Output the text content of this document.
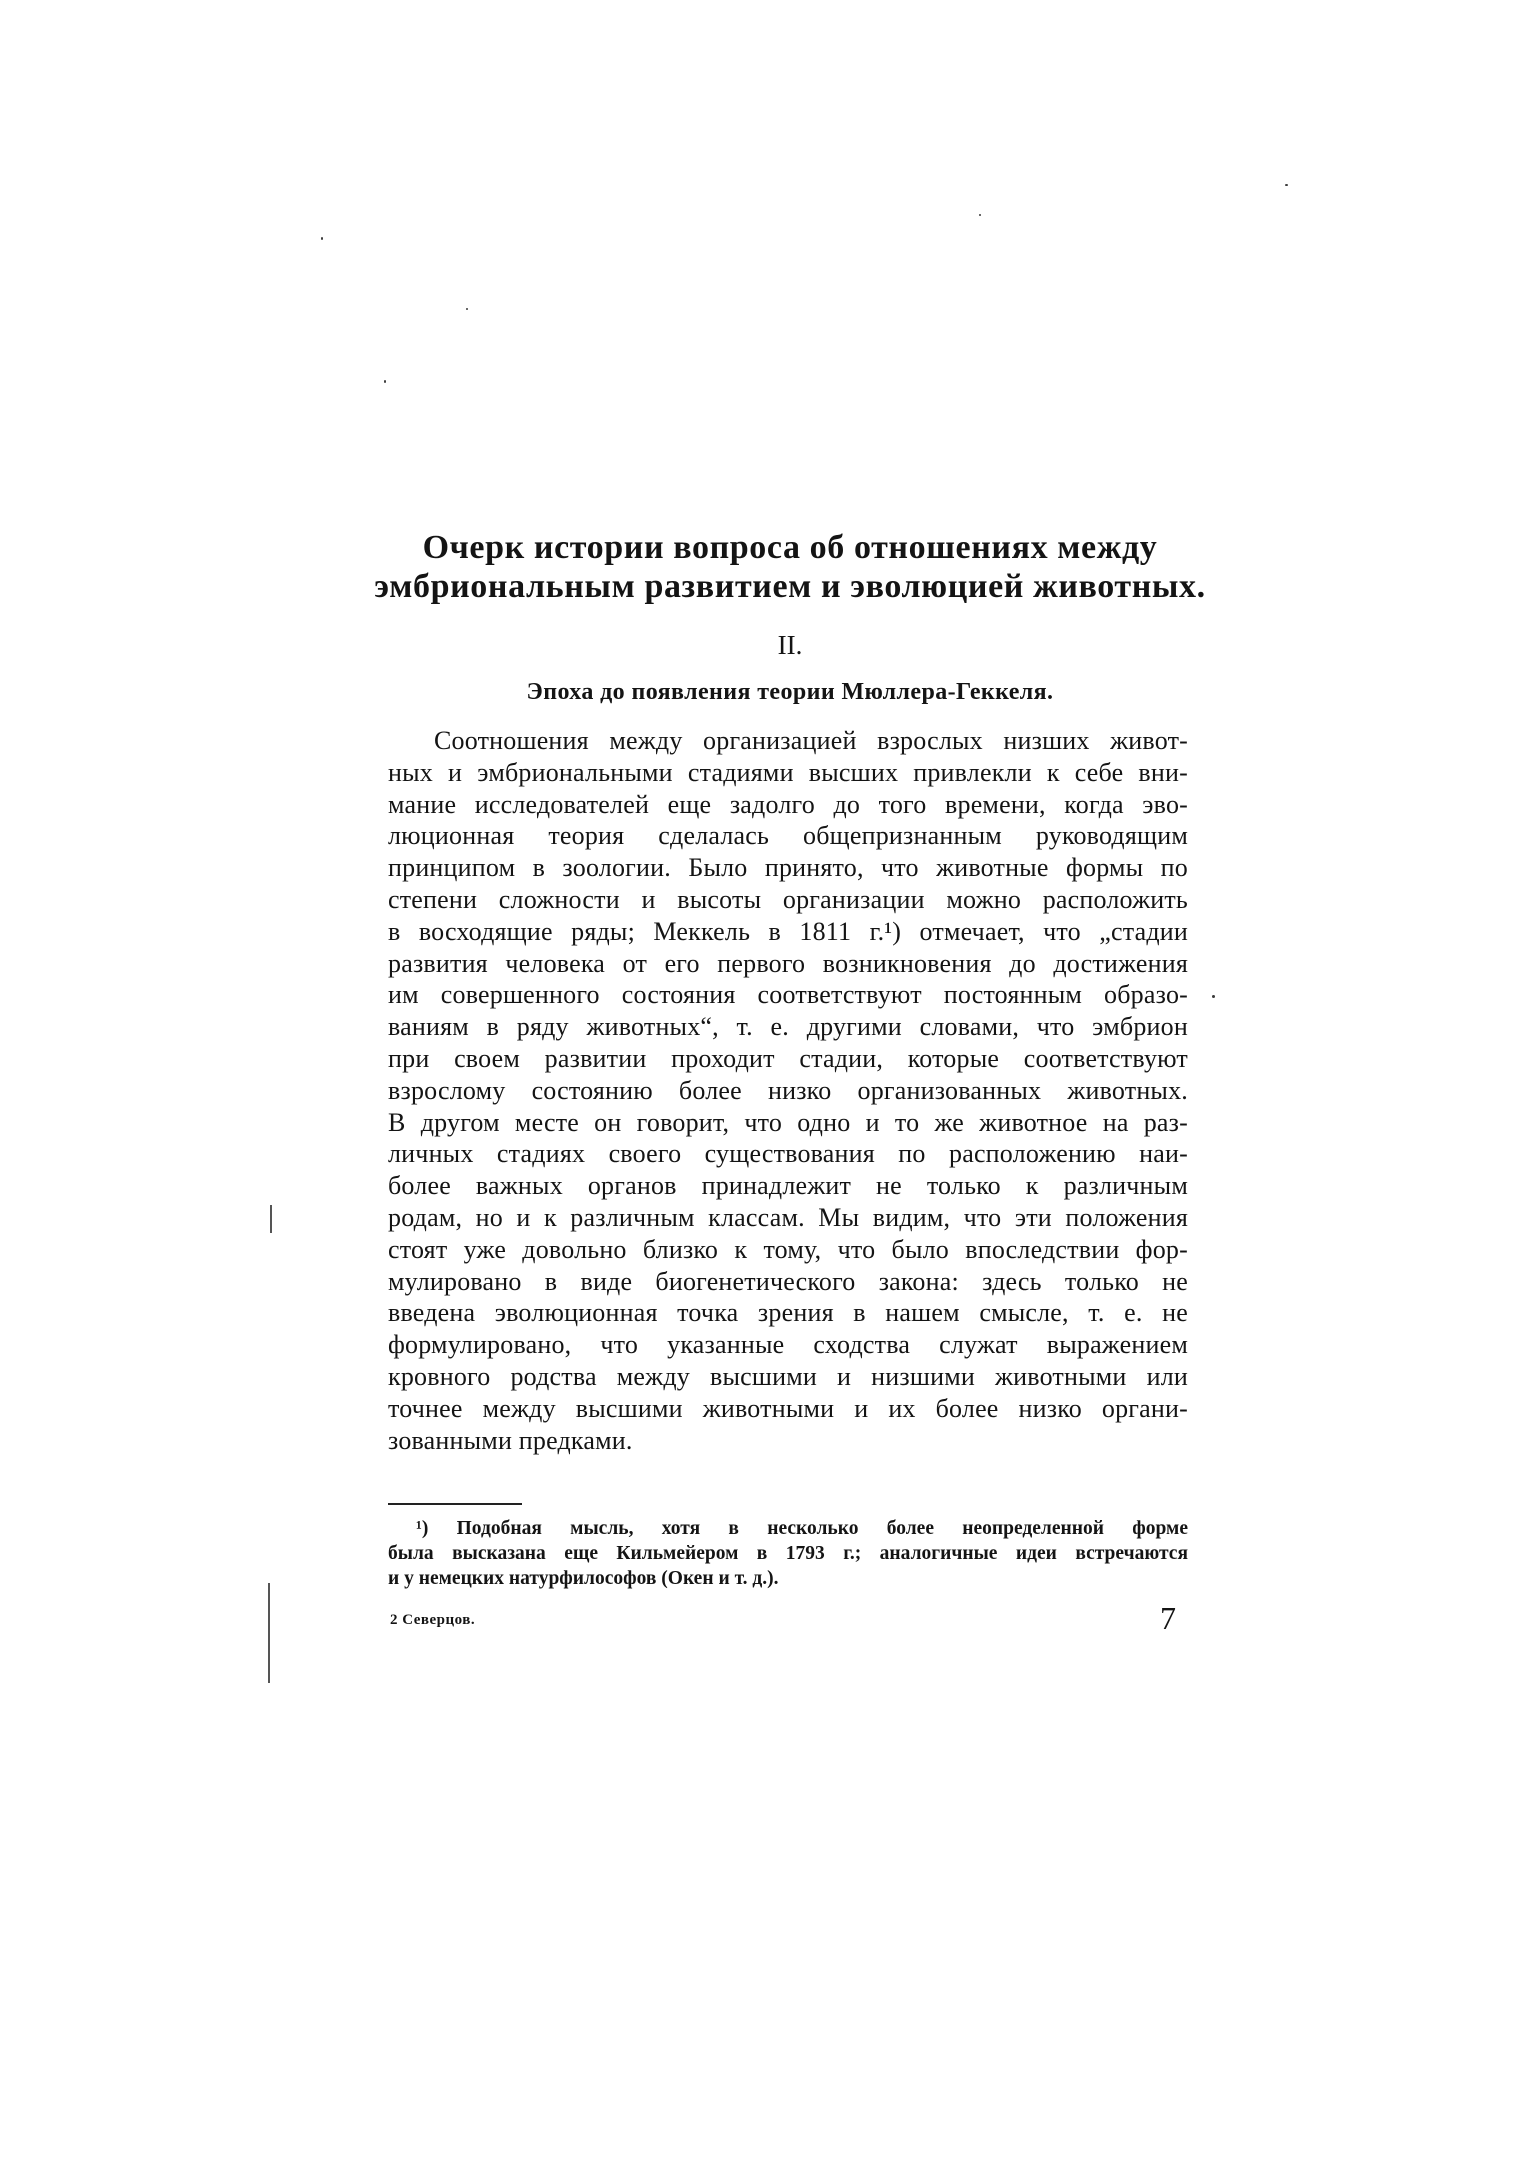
Очерк истории вопроса об отношениях между
эмбриональным развитием и эволюцией животных.
II.
Эпоха до появления теории Мюллера-Геккеля.
Соотношения между организацией взрослых низших живот-
ных и эмбриональными стадиями высших привлекли к себе вни-
мание исследователей еще задолго до того времени, когда эво-
люционная теория сделалась общепризнанным руководящим
принципом в зоологии. Было принято, что животные формы по
степени сложности и высоты организации можно расположить
в восходящие ряды; Меккель в 1811 г.¹) отмечает, что „стадии
развития человека от его первого возникновения до достижения
им совершенного состояния соответствуют постоянным образо-
ваниям в ряду животных“, т. е. другими словами, что эмбрион
при своем развитии проходит стадии, которые соответствуют
взрослому состоянию более низко организованных животных.
В другом месте он говорит, что одно и то же животное на раз-
личных стадиях своего существования по расположению наи-
более важных органов принадлежит не только к различным
родам, но и к различным классам. Мы видим, что эти положения
стоят уже довольно близко к тому, что было впоследствии фор-
мулировано в виде биогенетического закона: здесь только не
введена эволюционная точка зрения в нашем смысле, т. е. не
формулировано, что указанные сходства служат выражением
кровного родства между высшими и низшими животными или
точнее между высшими животными и их более низко органи-
зованными предками.
¹) Подобная мысль, хотя в несколько более неопределенной форме
была высказана еще Кильмейером в 1793 г.; аналогичные идеи встречаются
и у немецких натурфилософов (Окен и т. д.).
2 Северцов.	7
